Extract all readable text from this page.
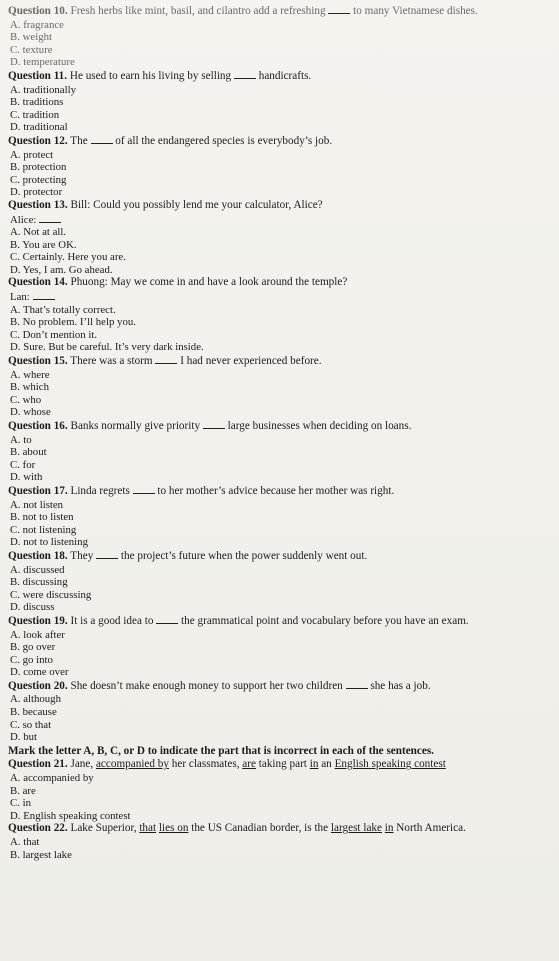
Question 10. Fresh herbs like mint, basil, and cilantro add a refreshing to many Vietnamese dishes.

A. fragrance

B. weight

C. texture

D. temperature

Question 11. He used to earn his living by selling handicrafts.

A. traditionally

B. traditions

C. tradition

D. traditional

Question 12. The of all the endangered species is everybody’s job.

A. protect

B. protection

C. protecting

D. protector

Question 13. Bill: Could you possibly lend me your calculator, Alice?

Alice:

A. Not at all.

B. You are OK.

C. Certainly. Here you are.

D. Yes, I am. Go ahead.

Question 14. Phuong: May we come in and have a look around the temple?

Lan:

A. That’s totally correct.

B. No problem. I’ll help you.

C. Don’t mention it.

D. Sure. But be careful. It’s very dark inside.

Question 15. There was a storm I had never experienced before.

A. where

B. which

C. who

D. whose

Question 16. Banks normally give priority large businesses when deciding on loans.

A. to

B. about

C. for

D. with

Question 17. Linda regrets to her mother’s advice because her mother was right.

A. not listen

B. not to listen

C. not listening

D. not to listening

Question 18. They the project’s future when the power suddenly went out.

A. discussed

B. discussing

C. were discussing

D. discuss

Question 19. It is a good idea to the grammatical point and vocabulary before you have an exam.

A. look after

B. go over

C. go into

D. come over

Question 20. She doesn’t make enough money to support her two children she has a job.

A. although

B. because

C. so that

D. but

Mark the letter A, B, C, or D to indicate the part that is incorrect in each of the sentences.

Question 21. Jane, accompanied by her classmates, are taking part in an English speaking contest

A. accompanied by

B. are

C. in

D. English speaking contest

Question 22. Lake Superior, that lies on the US Canadian border, is the largest lake in North America.

A. that

B. largest lake
